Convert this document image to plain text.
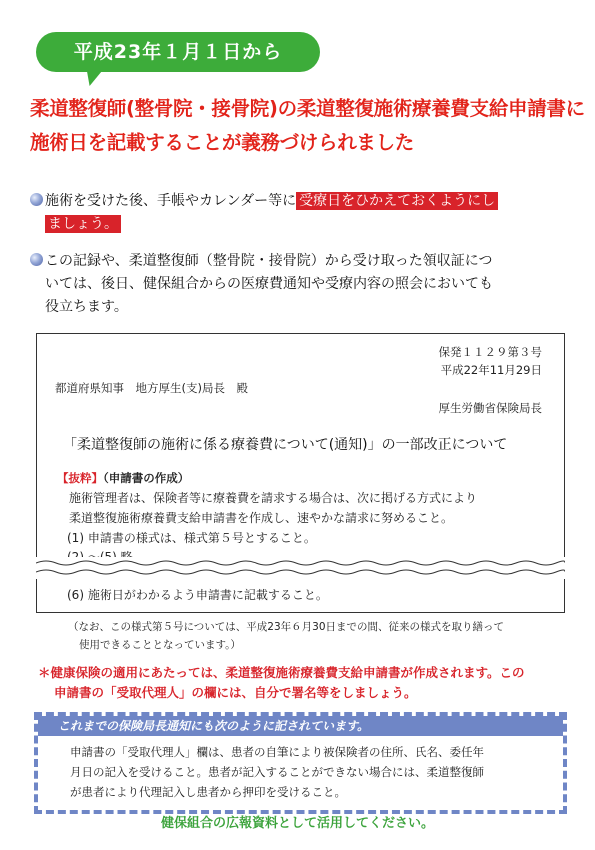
平成23年１月１日から
柔道整復師(整骨院・接骨院)の柔道整復施術療養費支給申請書に
施術日を記載することが義務づけられました
施術を受けた後、手帳やカレンダー等に 受療日をひかえておくようにし
ましょう。
この記録や、柔道整復師（整骨院・接骨院）から受け取った領収証につ
いては、後日、健保組合からの医療費通知や受療内容の照会においても
役立ちます。
保発１１２９第３号
平成22年11月29日
都道府県知事　地方厚生(支)局長　殿
厚生労働省保険局長
「柔道整復師の施術に係る療養費について(通知)」の一部改正について
【抜粋】（申請書の作成）
施術管理者は、保険者等に療養費を請求する場合は、次に掲げる方式により
柔道整復施術療養費支給申請書を作成し、速やかな請求に努めること。
(1) 申請書の様式は、様式第５号とすること。
(2) ～(5) 略
(6) 施術日がわかるよう申請書に記載すること。
（なお、この様式第５号については、平成23年６月30日までの間、従来の様式を取り繕って
使用できることとなっています。）
＊健康保険の適用にあたっては、柔道整復施術療養費支給申請書が作成されます。この
申請書の「受取代理人」の欄には、自分で署名等をしましょう。
これまでの保険局長通知にも次のように記されています。
申請書の「受取代理人」欄は、患者の自筆により被保険者の住所、氏名、委任年
月日の記入を受けること。患者が記入することができない場合には、柔道整復師
が患者により代理記入し患者から押印を受けること。
健保組合の広報資料として活用してください。
